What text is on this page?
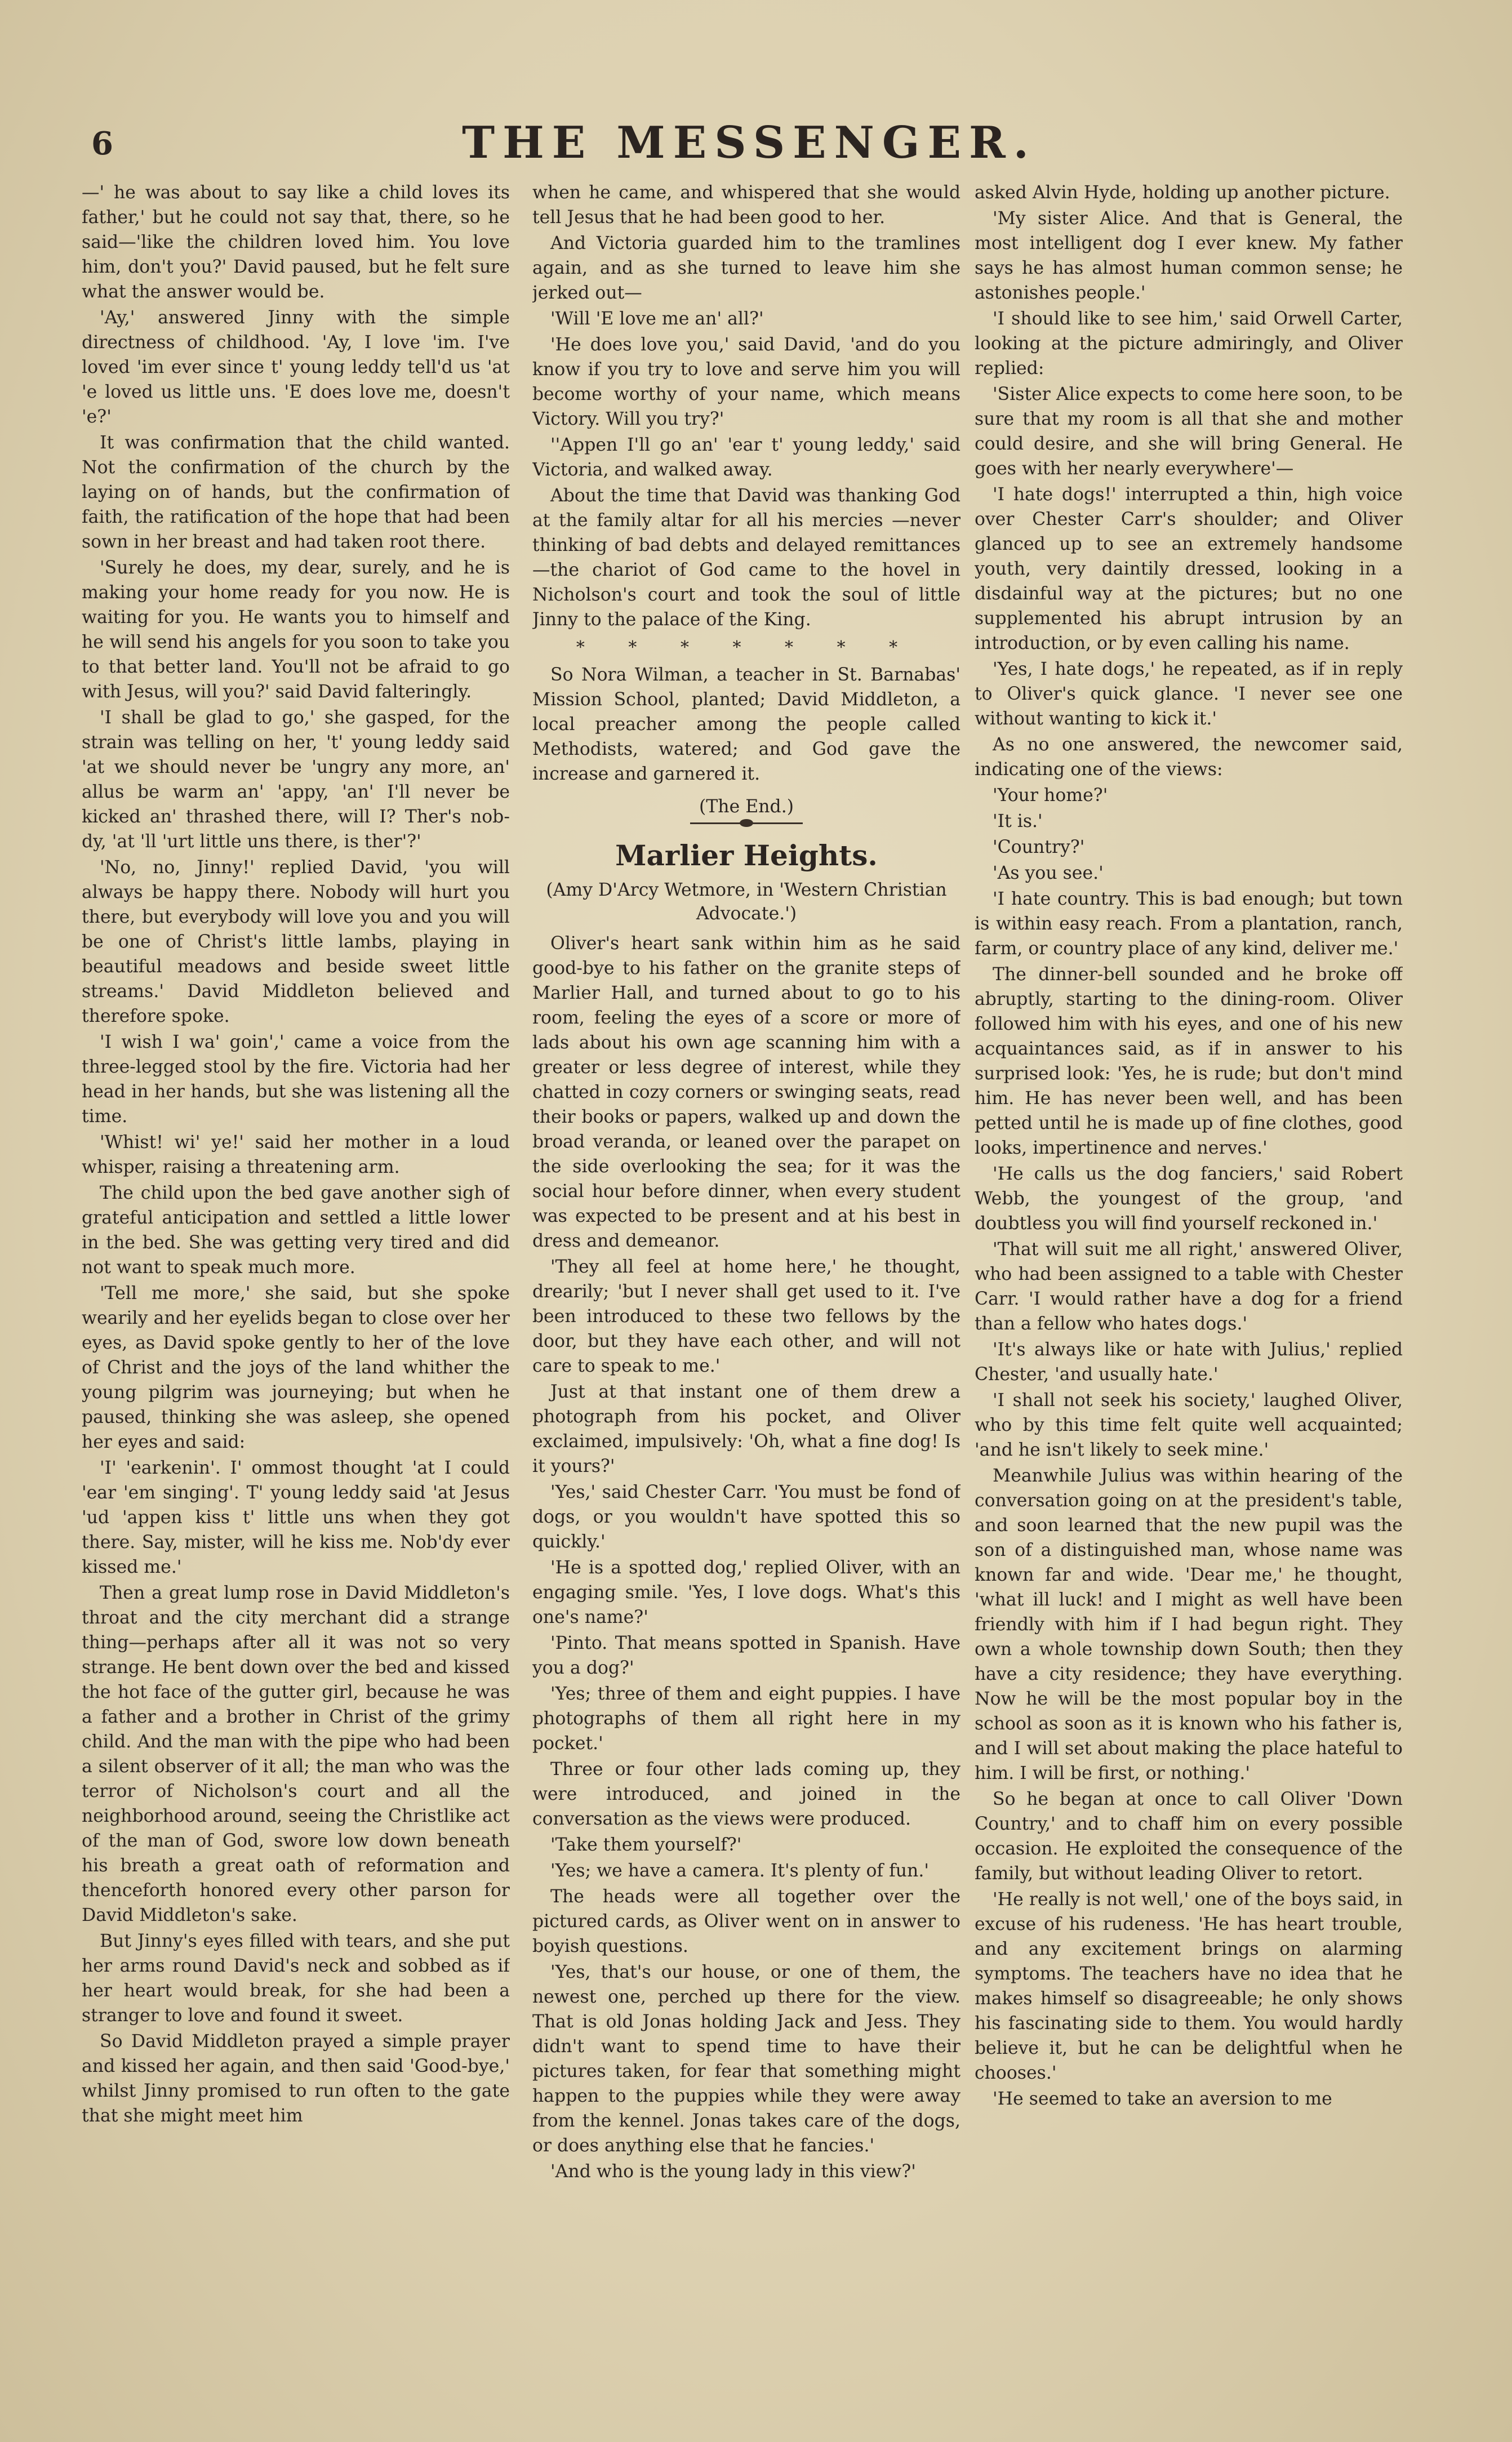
6	THE MESSENGER.

—' he was about to say like a child loves its father,' but he could not say that, there, so he said—'like the children loved him. You love him, don't you?' David paused, but he felt sure what the answer would be.

'Ay,' answered Jinny with the simple directness of childhood. 'Ay, I love 'im. I've loved 'im ever since t' young leddy tell'd us 'at 'e loved us little uns. 'E does love me, doesn't 'e?'

It was confirmation that the child wanted. Not the confirmation of the church by the laying on of hands, but the confirmation of faith, the ratification of the hope that had been sown in her breast and had taken root there.

'Surely he does, my dear, surely, and he is making your home ready for you now. He is waiting for you. He wants you to himself and he will send his angels for you soon to take you to that better land. You'll not be afraid to go with Jesus, will you?' said David falteringly.

'I shall be glad to go,' she gasped, for the strain was telling on her, 't' young leddy said 'at we should never be 'ungry any more, an' allus be warm an' 'appy, 'an' I'll never be kicked an' thrashed there, will I? Ther's nob-dy, 'at 'll 'urt little uns there, is ther'?'

'No, no, Jinny!' replied David, 'you will always be happy there. Nobody will hurt you there, but everybody will love you and you will be one of Christ's little lambs, playing in beautiful meadows and beside sweet little streams.' David Middleton believed and therefore spoke.

'I wish I wa' goin',' came a voice from the three-legged stool by the fire. Victoria had her head in her hands, but she was listening all the time.

'Whist! wi' ye!' said her mother in a loud whisper, raising a threatening arm.

The child upon the bed gave another sigh of grateful anticipation and settled a little lower in the bed. She was getting very tired and did not want to speak much more.

'Tell me more,' she said, but she spoke wearily and her eyelids began to close over her eyes, as David spoke gently to her of the love of Christ and the joys of the land whither the young pilgrim was journeying; but when he paused, thinking she was asleep, she opened her eyes and said:

'I' 'earkenin'. I' ommost thought 'at I could 'ear 'em singing'. T' young leddy said 'at Jesus 'ud 'appen kiss t' little uns when they got there. Say, mister, will he kiss me. Nob'dy ever kissed me.'

Then a great lump rose in David Middleton's throat and the city merchant did a strange thing—perhaps after all it was not so very strange. He bent down over the bed and kissed the hot face of the gutter girl, because he was a father and a brother in Christ of the grimy child. And the man with the pipe who had been a silent observer of it all; the man who was the terror of Nicholson's court and all the neighborhood around, seeing the Christlike act of the man of God, swore low down beneath his breath a great oath of reformation and thenceforth honored every other parson for David Middleton's sake.

But Jinny's eyes filled with tears, and she put her arms round David's neck and sobbed as if her heart would break, for she had been a stranger to love and found it sweet.

So David Middleton prayed a simple prayer and kissed her again, and then said 'Good-bye,' whilst Jinny promised to run often to the gate that she might meet him

when he came, and whispered that she would tell Jesus that he had been good to her.

And Victoria guarded him to the tramlines again, and as she turned to leave him she jerked out—

'Will 'E love me an' all?'

'He does love you,' said David, 'and do you know if you try to love and serve him you will become worthy of your name, which means Victory. Will you try?'

''Appen I'll go an' 'ear t' young leddy,' said Victoria, and walked away.

About the time that David was thanking God at the family altar for all his mercies —never thinking of bad debts and delayed remittances—the chariot of God came to the hovel in Nicholson's court and took the soul of little Jinny to the palace of the King.

* * * * * * *

So Nora Wilman, a teacher in St. Barnabas' Mission School, planted; David Middleton, a local preacher among the people called Methodists, watered; and God gave the increase and garnered it.

(The End.)
Marlier Heights.
(Amy D'Arcy Wetmore, in 'Western Christian Advocate.')

Oliver's heart sank within him as he said good-bye to his father on the granite steps of Marlier Hall, and turned about to go to his room, feeling the eyes of a score or more of lads about his own age scanning him with a greater or less degree of interest, while they chatted in cozy corners or swinging seats, read their books or papers, walked up and down the broad veranda, or leaned over the parapet on the side overlooking the sea; for it was the social hour before dinner, when every student was expected to be present and at his best in dress and demeanor.

'They all feel at home here,' he thought, drearily; 'but I never shall get used to it. I've been introduced to these two fellows by the door, but they have each other, and will not care to speak to me.'

Just at that instant one of them drew a photograph from his pocket, and Oliver exclaimed, impulsively: 'Oh, what a fine dog! Is it yours?'

'Yes,' said Chester Carr. 'You must be fond of dogs, or you wouldn't have spotted this so quickly.'

'He is a spotted dog,' replied Oliver, with an engaging smile. 'Yes, I love dogs. What's this one's name?'

'Pinto. That means spotted in Spanish. Have you a dog?'

'Yes; three of them and eight puppies. I have photographs of them all right here in my pocket.'

Three or four other lads coming up, they were introduced, and joined in the conversation as the views were produced.

'Take them yourself?'

'Yes; we have a camera. It's plenty of fun.'

The heads were all together over the pictured cards, as Oliver went on in answer to boyish questions.

'Yes, that's our house, or one of them, the newest one, perched up there for the view. That is old Jonas holding Jack and Jess. They didn't want to spend time to have their pictures taken, for fear that something might happen to the puppies while they were away from the kennel. Jonas takes care of the dogs, or does anything else that he fancies.'

'And who is the young lady in this view?'

asked Alvin Hyde, holding up another picture.

'My sister Alice. And that is General, the most intelligent dog I ever knew. My father says he has almost human common sense; he astonishes people.'

'I should like to see him,' said Orwell Carter, looking at the picture admiringly, and Oliver replied:

'Sister Alice expects to come here soon, to be sure that my room is all that she and mother could desire, and she will bring General. He goes with her nearly everywhere'—

'I hate dogs!' interrupted a thin, high voice over Chester Carr's shoulder; and Oliver glanced up to see an extremely handsome youth, very daintily dressed, looking in a disdainful way at the pictures; but no one supplemented his abrupt intrusion by an introduction, or by even calling his name.

'Yes, I hate dogs,' he repeated, as if in reply to Oliver's quick glance. 'I never see one without wanting to kick it.'

As no one answered, the newcomer said, indicating one of the views:

'Your home?'

'It is.'

'Country?'

'As you see.'

'I hate country. This is bad enough; but town is within easy reach. From a plantation, ranch, farm, or country place of any kind, deliver me.'

The dinner-bell sounded and he broke off abruptly, starting to the dining-room. Oliver followed him with his eyes, and one of his new acquaintances said, as if in answer to his surprised look: 'Yes, he is rude; but don't mind him. He has never been well, and has been petted until he is made up of fine clothes, good looks, impertinence and nerves.'

'He calls us the dog fanciers,' said Robert Webb, the youngest of the group, 'and doubtless you will find yourself reckoned in.'

'That will suit me all right,' answered Oliver, who had been assigned to a table with Chester Carr. 'I would rather have a dog for a friend than a fellow who hates dogs.'

'It's always like or hate with Julius,' replied Chester, 'and usually hate.'

'I shall not seek his society,' laughed Oliver, who by this time felt quite well acquainted; 'and he isn't likely to seek mine.'

Meanwhile Julius was within hearing of the conversation going on at the president's table, and soon learned that the new pupil was the son of a distinguished man, whose name was known far and wide. 'Dear me,' he thought, 'what ill luck! and I might as well have been friendly with him if I had begun right. They own a whole township down South; then they have a city residence; they have everything. Now he will be the most popular boy in the school as soon as it is known who his father is, and I will set about making the place hateful to him. I will be first, or nothing.'

So he began at once to call Oliver 'Down Country,' and to chaff him on every possible occasion. He exploited the consequence of the family, but without leading Oliver to retort.

'He really is not well,' one of the boys said, in excuse of his rudeness. 'He has heart trouble, and any excitement brings on alarming symptoms. The teachers have no idea that he makes himself so disagreeable; he only shows his fascinating side to them. You would hardly believe it, but he can be delightful when he chooses.'

'He seemed to take an aversion to me
